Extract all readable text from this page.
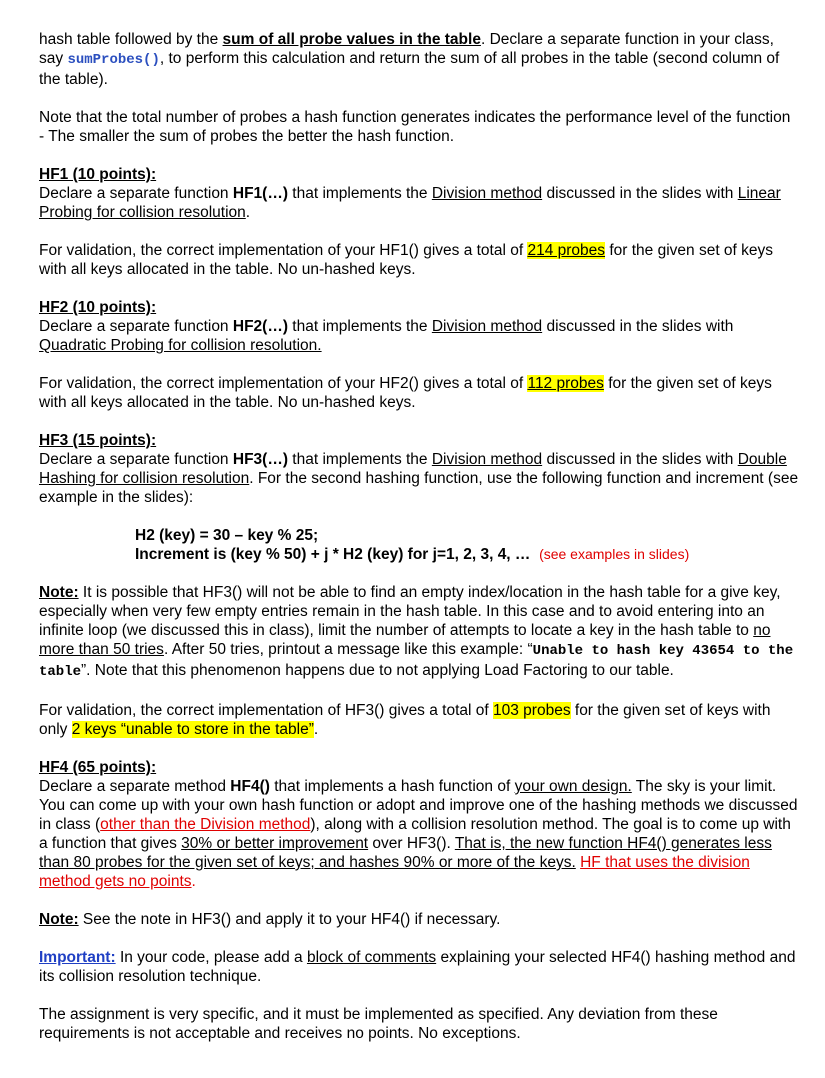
hash table followed by the sum of all probe values in the table. Declare a separate function in your class, say sumProbes(), to perform this calculation and return the sum of all probes in the table (second column of the table).

Note that the total number of probes a hash function generates indicates the performance level of the function - The smaller the sum of probes the better the hash function.

HF1 (10 points):

Declare a separate function HF1(…) that implements the Division method discussed in the slides with Linear Probing for collision resolution.

For validation, the correct implementation of your HF1() gives a total of 214 probes for the given set of keys with all keys allocated in the table. No un-hashed keys.

HF2 (10 points):

Declare a separate function HF2(…) that implements the Division method discussed in the slides with Quadratic Probing for collision resolution.

For validation, the correct implementation of your HF2() gives a total of 112 probes for the given set of keys with all keys allocated in the table. No un-hashed keys.

HF3 (15 points):

Declare a separate function HF3(…) that implements the Division method discussed in the slides with Double Hashing for collision resolution. For the second hashing function, use the following function and increment (see example in the slides):

H2 (key) = 30 – key % 25;

Increment is (key % 50) + j * H2 (key) for j=1, 2, 3, 4, … (see examples in slides)

Note: It is possible that HF3() will not be able to find an empty index/location in the hash table for a give key, especially when very few empty entries remain in the hash table. In this case and to avoid entering into an infinite loop (we discussed this in class), limit the number of attempts to locate a key in the hash table to no more than 50 tries. After 50 tries, printout a message like this example: “Unable to hash key 43654 to the table”. Note that this phenomenon happens due to not applying Load Factoring to our table.

For validation, the correct implementation of HF3() gives a total of 103 probes for the given set of keys with only 2 keys “unable to store in the table”.

HF4 (65 points):

Declare a separate method HF4() that implements a hash function of your own design. The sky is your limit. You can come up with your own hash function or adopt and improve one of the hashing methods we discussed in class (other than the Division method), along with a collision resolution method. The goal is to come up with a function that gives 30% or better improvement over HF3(). That is, the new function HF4() generates less than 80 probes for the given set of keys; and hashes 90% or more of the keys. HF that uses the division method gets no points.

Note: See the note in HF3() and apply it to your HF4() if necessary.

Important: In your code, please add a block of comments explaining your selected HF4() hashing method and its collision resolution technique.

The assignment is very specific, and it must be implemented as specified. Any deviation from these requirements is not acceptable and receives no points. No exceptions.
